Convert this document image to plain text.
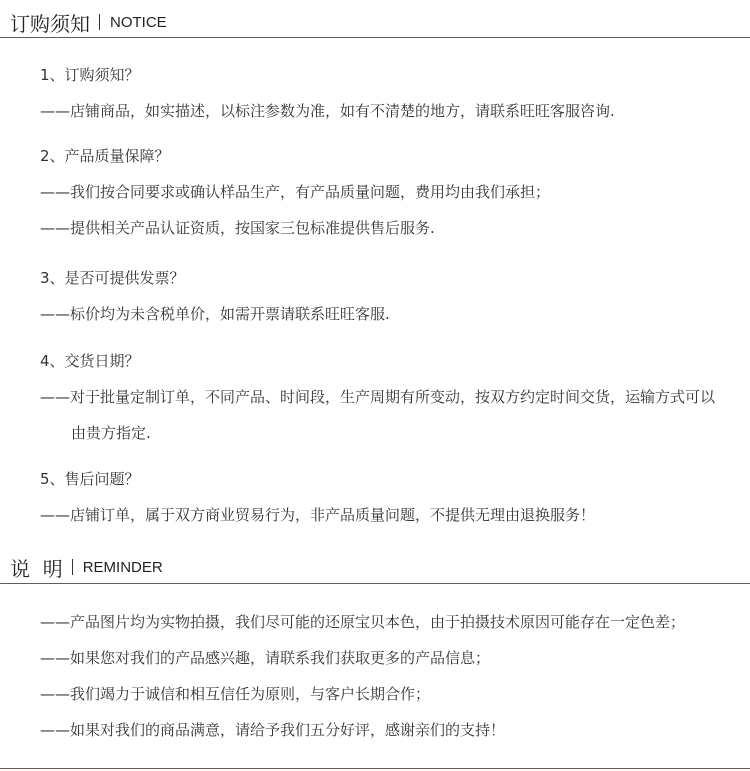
订购须知 NOTICE
1、订购须知？
——店铺商品，如实描述，以标注参数为准，如有不清楚的地方，请联系旺旺客服咨询.
2、产品质量保障？
——我们按合同要求或确认样品生产，有产品质量问题，费用均由我们承担；
——提供相关产品认证资质，按国家三包标准提供售后服务.
3、是否可提供发票？
——标价均为未含税单价，如需开票请联系旺旺客服.
4、交货日期？
——对于批量定制订单，不同产品、时间段，生产周期有所变动，按双方约定时间交货，运输方式可以
由贵方指定.
5、售后问题？
——店铺订单，属于双方商业贸易行为，非产品质量问题，不提供无理由退换服务！
说  明 REMINDER
——产品图片均为实物拍摄，我们尽可能的还原宝贝本色，由于拍摄技术原因可能存在一定色差；
——如果您对我们的产品感兴趣，请联系我们获取更多的产品信息；
——我们竭力于诚信和相互信任为原则，与客户长期合作；
——如果对我们的商品满意，请给予我们五分好评，感谢亲们的支持！
